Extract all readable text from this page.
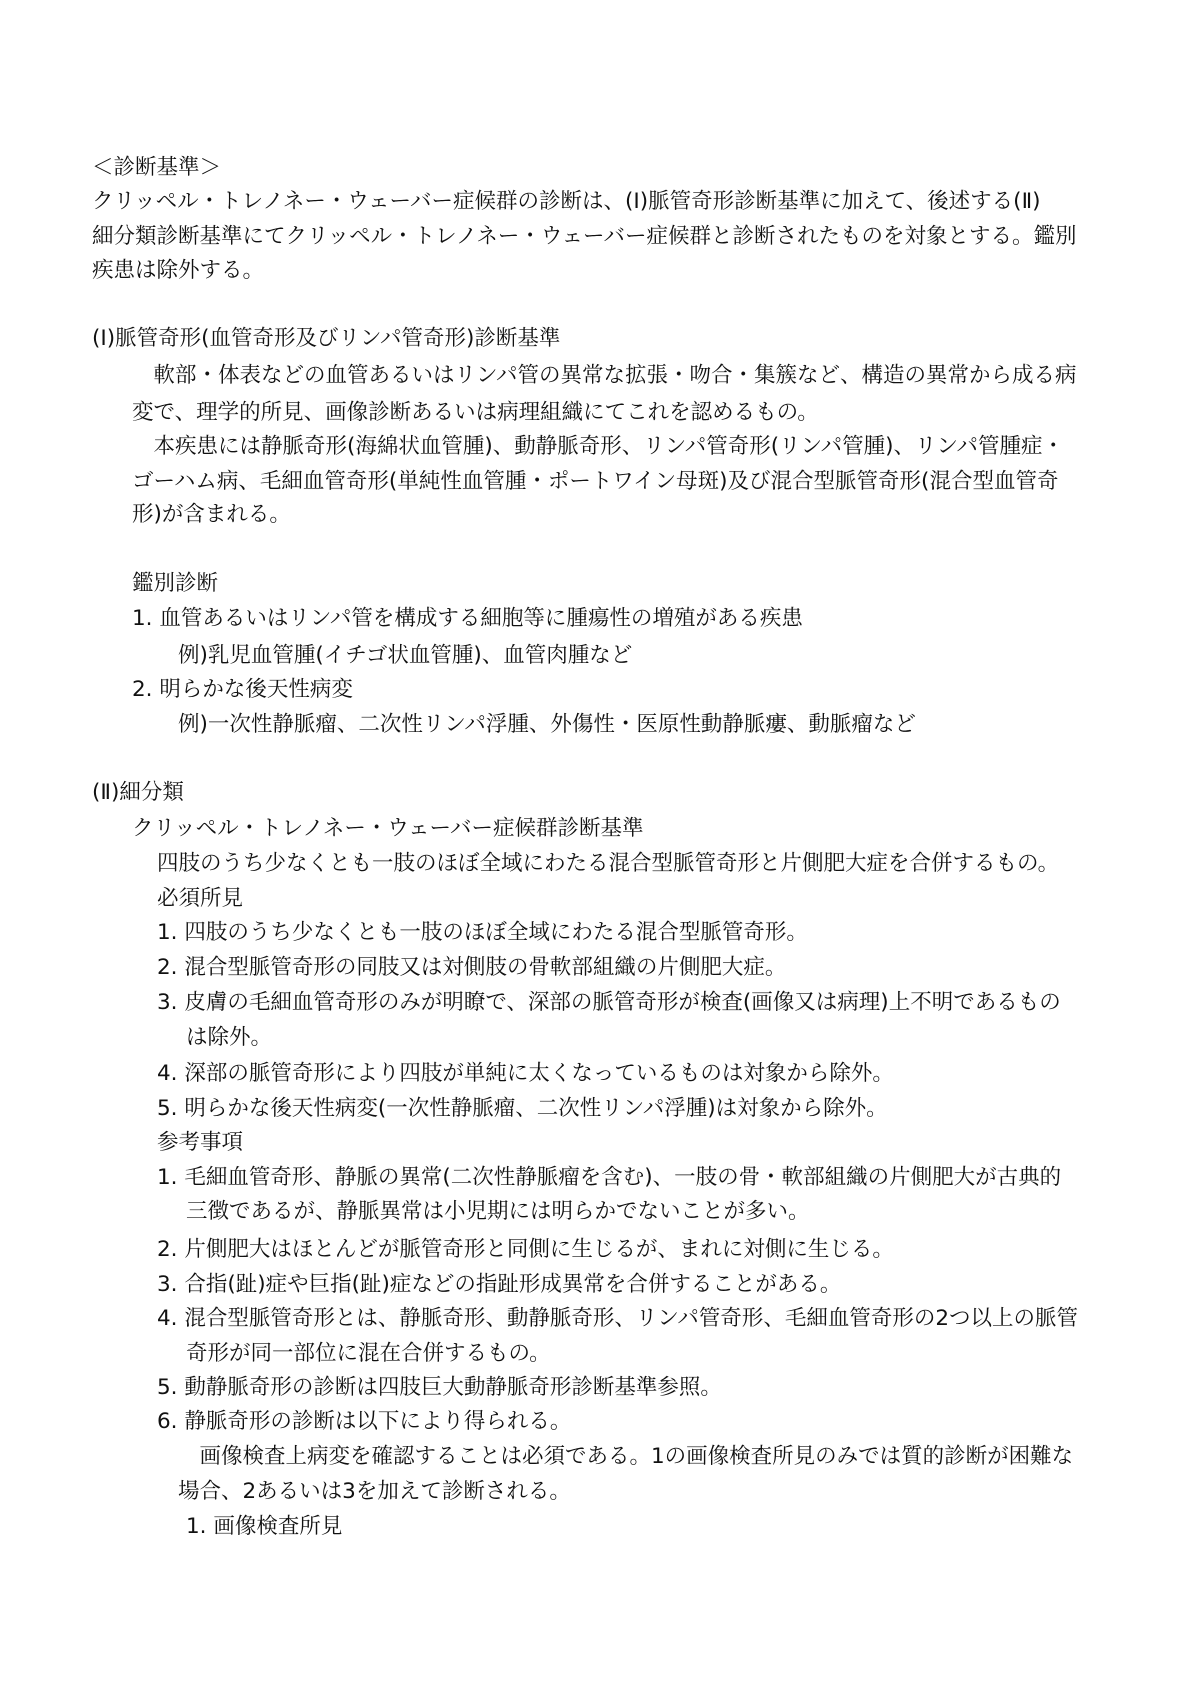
＜診断基準＞
クリッペル・トレノネー・ウェーバー症候群の診断は、(I)脈管奇形診断基準に加えて、後述する(Ⅱ)
細分類診断基準にてクリッペル・トレノネー・ウェーバー症候群と診断されたものを対象とする。鑑別
疾患は除外する。
(Ⅰ)脈管奇形(血管奇形及びリンパ管奇形)診断基準
　軟部・体表などの血管あるいはリンパ管の異常な拡張・吻合・集簇など、構造の異常から成る病
変で、理学的所見、画像診断あるいは病理組織にてこれを認めるもの。
　本疾患には静脈奇形(海綿状血管腫)、動静脈奇形、リンパ管奇形(リンパ管腫)、リンパ管腫症・
ゴーハム病、毛細血管奇形(単純性血管腫・ポートワイン母斑)及び混合型脈管奇形(混合型血管奇
形)が含まれる。
鑑別診断
1. 血管あるいはリンパ管を構成する細胞等に腫瘍性の増殖がある疾患
例)乳児血管腫(イチゴ状血管腫)、血管肉腫など
2. 明らかな後天性病変
例)一次性静脈瘤、二次性リンパ浮腫、外傷性・医原性動静脈瘻、動脈瘤など
(Ⅱ)細分類
クリッペル・トレノネー・ウェーバー症候群診断基準
四肢のうち少なくとも一肢のほぼ全域にわたる混合型脈管奇形と片側肥大症を合併するもの。
必須所見
1. 四肢のうち少なくとも一肢のほぼ全域にわたる混合型脈管奇形。
2. 混合型脈管奇形の同肢又は対側肢の骨軟部組織の片側肥大症。
3. 皮膚の毛細血管奇形のみが明瞭で、深部の脈管奇形が検査(画像又は病理)上不明であるもの
は除外。
4. 深部の脈管奇形により四肢が単純に太くなっているものは対象から除外。
5. 明らかな後天性病変(一次性静脈瘤、二次性リンパ浮腫)は対象から除外。
参考事項
1. 毛細血管奇形、静脈の異常(二次性静脈瘤を含む)、一肢の骨・軟部組織の片側肥大が古典的
三徴であるが、静脈異常は小児期には明らかでないことが多い。
2. 片側肥大はほとんどが脈管奇形と同側に生じるが、まれに対側に生じる。
3. 合指(趾)症や巨指(趾)症などの指趾形成異常を合併することがある。
4. 混合型脈管奇形とは、静脈奇形、動静脈奇形、リンパ管奇形、毛細血管奇形の2つ以上の脈管
奇形が同一部位に混在合併するもの。
5. 動静脈奇形の診断は四肢巨大動静脈奇形診断基準参照。
6. 静脈奇形の診断は以下により得られる。
　画像検査上病変を確認することは必須である。1の画像検査所見のみでは質的診断が困難な
場合、2あるいは3を加えて診断される。
1. 画像検査所見
